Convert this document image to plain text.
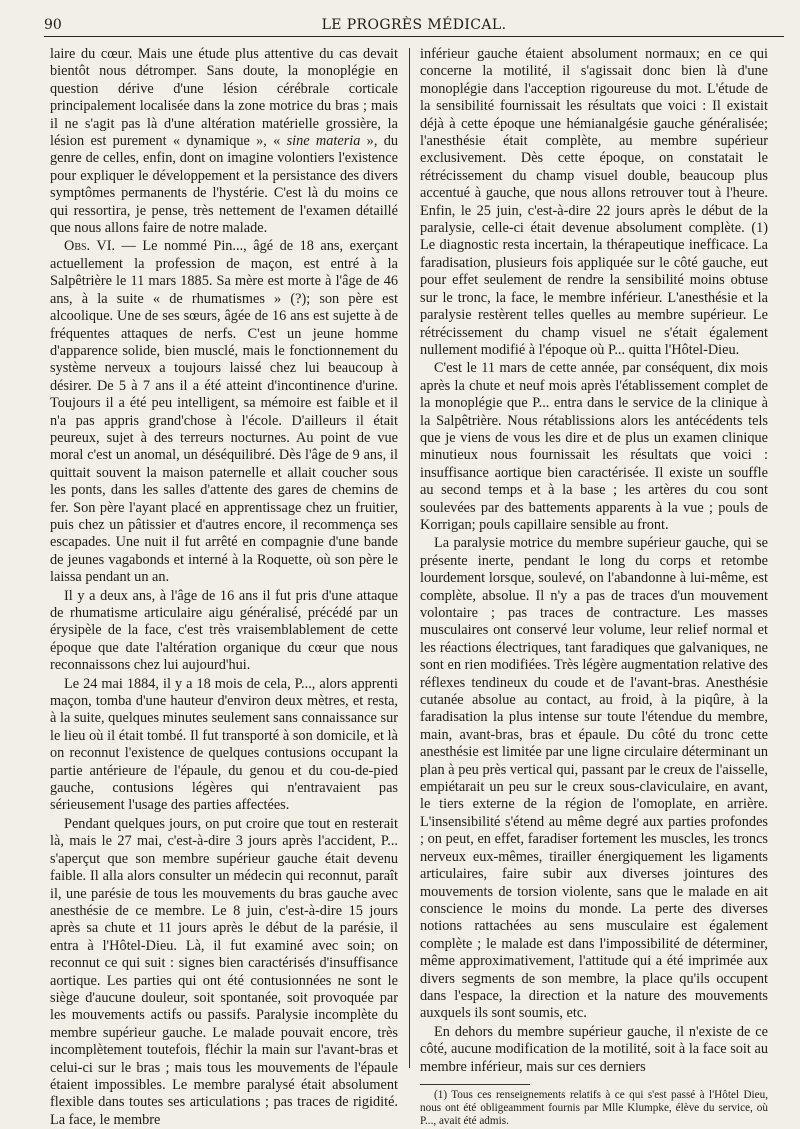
90	LE PROGRÈS MÉDICAL.

laire du cœur. Mais une étude plus attentive du cas devait bientôt nous détromper. Sans doute, la monoplégie en question dérive d'une lésion cérébrale corticale principalement localisée dans la zone motrice du bras ; mais il ne s'agit pas là d'une altération matérielle grossière, la lésion est purement « dynamique », « sine materia », du genre de celles, enfin, dont on imagine volontiers l'existence pour expliquer le développement et la persistance des divers symptômes permanents de l'hystérie. C'est là du moins ce qui ressortira, je pense, très nettement de l'examen détaillé que nous allons faire de notre malade.

Obs. VI. — Le nommé Pin..., âgé de 18 ans, exerçant actuellement la profession de maçon, est entré à la Salpêtrière le 11 mars 1885. Sa mère est morte à l'âge de 46 ans, à la suite « de rhumatismes » (?); son père est alcoolique. Une de ses sœurs, âgée de 16 ans est sujette à de fréquentes attaques de nerfs. C'est un jeune homme d'apparence solide, bien musclé, mais le fonctionnement du système nerveux a toujours laissé chez lui beaucoup à désirer. De 5 à 7 ans il a été atteint d'incontinence d'urine. Toujours il a été peu intelligent, sa mémoire est faible et il n'a pas appris grand'chose à l'école. D'ailleurs il était peureux, sujet à des terreurs nocturnes. Au point de vue moral c'est un anomal, un déséquilibré. Dès l'âge de 9 ans, il quittait souvent la maison paternelle et allait coucher sous les ponts, dans les salles d'attente des gares de chemins de fer. Son père l'ayant placé en apprentissage chez un fruitier, puis chez un pâtissier et d'autres encore, il recommença ses escapades. Une nuit il fut arrêté en compagnie d'une bande de jeunes vagabonds et interné à la Roquette, où son père le laissa pendant un an.

Il y a deux ans, à l'âge de 16 ans il fut pris d'une attaque de rhumatisme articulaire aigu généralisé, précédé par un érysipèle de la face, c'est très vraisemblablement de cette époque que date l'altération organique du cœur que nous reconnaissons chez lui aujourd'hui.

Le 24 mai 1884, il y a 18 mois de cela, P..., alors apprenti maçon, tomba d'une hauteur d'environ deux mètres, et resta, à la suite, quelques minutes seulement sans connaissance sur le lieu où il était tombé. Il fut transporté à son domicile, et là on reconnut l'existence de quelques contusions occupant la partie antérieure de l'épaule, du genou et du cou-de-pied gauche, contusions légères qui n'entravaient pas sérieusement l'usage des parties affectées.

Pendant quelques jours, on put croire que tout en resterait là, mais le 27 mai, c'est-à-dire 3 jours après l'accident, P... s'aperçut que son membre supérieur gauche était devenu faible. Il alla alors consulter un médecin qui reconnut, paraît il, une parésie de tous les mouvements du bras gauche avec anesthésie de ce membre. Le 8 juin, c'est-à-dire 15 jours après sa chute et 11 jours après le début de la parésie, il entra à l'Hôtel-Dieu. Là, il fut examiné avec soin; on reconnut ce qui suit : signes bien caractérisés d'insuffisance aortique. Les parties qui ont été contusionnées ne sont le siège d'aucune douleur, soit spontanée, soit provoquée par les mouvements actifs ou passifs. Paralysie incomplète du membre supérieur gauche. Le malade pouvait encore, très incomplètement toutefois, fléchir la main sur l'avant-bras et celui-ci sur le bras ; mais tous les mouvements de l'épaule étaient impossibles. Le membre paralysé était absolument flexible dans toutes ses articulations ; pas traces de rigidité. La face, le membre

inférieur gauche étaient absolument normaux; en ce qui concerne la motilité, il s'agissait donc bien là d'une monoplégie dans l'acception rigoureuse du mot. L'étude de la sensibilité fournissait les résultats que voici : Il existait déjà à cette époque une hémianalgésie gauche généralisée; l'anesthésie était complète, au membre supérieur exclusivement. Dès cette époque, on constatait le rétrécissement du champ visuel double, beaucoup plus accentué à gauche, que nous allons retrouver tout à l'heure. Enfin, le 25 juin, c'est-à-dire 22 jours après le début de la paralysie, celle-ci était devenue absolument complète. (1) Le diagnostic resta incertain, la thérapeutique inefficace. La faradisation, plusieurs fois appliquée sur le côté gauche, eut pour effet seulement de rendre la sensibilité moins obtuse sur le tronc, la face, le membre inférieur. L'anesthésie et la paralysie restèrent telles quelles au membre supérieur. Le rétrécissement du champ visuel ne s'était également nullement modifié à l'époque où P... quitta l'Hôtel-Dieu.

C'est le 11 mars de cette année, par conséquent, dix mois après la chute et neuf mois après l'établissement complet de la monoplégie que P... entra dans le service de la clinique à la Salpêtrière. Nous rétablissions alors les antécédents tels que je viens de vous les dire et de plus un examen clinique minutieux nous fournissait les résultats que voici : insuffisance aortique bien caractérisée. Il existe un souffle au second temps et à la base ; les artères du cou sont soulevées par des battements apparents à la vue ; pouls de Korrigan; pouls capillaire sensible au front.

La paralysie motrice du membre supérieur gauche, qui se présente inerte, pendant le long du corps et retombe lourdement lorsque, soulevé, on l'abandonne à lui-même, est complète, absolue. Il n'y a pas de traces d'un mouvement volontaire ; pas traces de contracture. Les masses musculaires ont conservé leur volume, leur relief normal et les réactions électriques, tant faradiques que galvaniques, ne sont en rien modifiées. Très légère augmentation relative des réflexes tendineux du coude et de l'avant-bras. Anesthésie cutanée absolue au contact, au froid, à la piqûre, à la faradisation la plus intense sur toute l'étendue du membre, main, avant-bras, bras et épaule. Du côté du tronc cette anesthésie est limitée par une ligne circulaire déterminant un plan à peu près vertical qui, passant par le creux de l'aisselle, empiétarait un peu sur le creux sous-claviculaire, en avant, le tiers externe de la région de l'omoplate, en arrière. L'insensibilité s'étend au même degré aux parties profondes ; on peut, en effet, faradiser fortement les muscles, les troncs nerveux eux-mêmes, tirailler énergiquement les ligaments articulaires, faire subir aux diverses jointures des mouvements de torsion violente, sans que le malade en ait conscience le moins du monde. La perte des diverses notions rattachées au sens musculaire est également complète ; le malade est dans l'impossibilité de déterminer, même approximativement, l'attitude qui a été imprimée aux divers segments de son membre, la place qu'ils occupent dans l'espace, la direction et la nature des mouvements auxquels ils sont soumis, etc.

En dehors du membre supérieur gauche, il n'existe de ce côté, aucune modification de la motilité, soit à la face soit au membre inférieur, mais sur ces derniers

(1) Tous ces renseignements relatifs à ce qui s'est passé à l'Hôtel Dieu, nous ont été obligeamment fournis par Mlle Klumpke, élève du service, où P..., avait été admis.
